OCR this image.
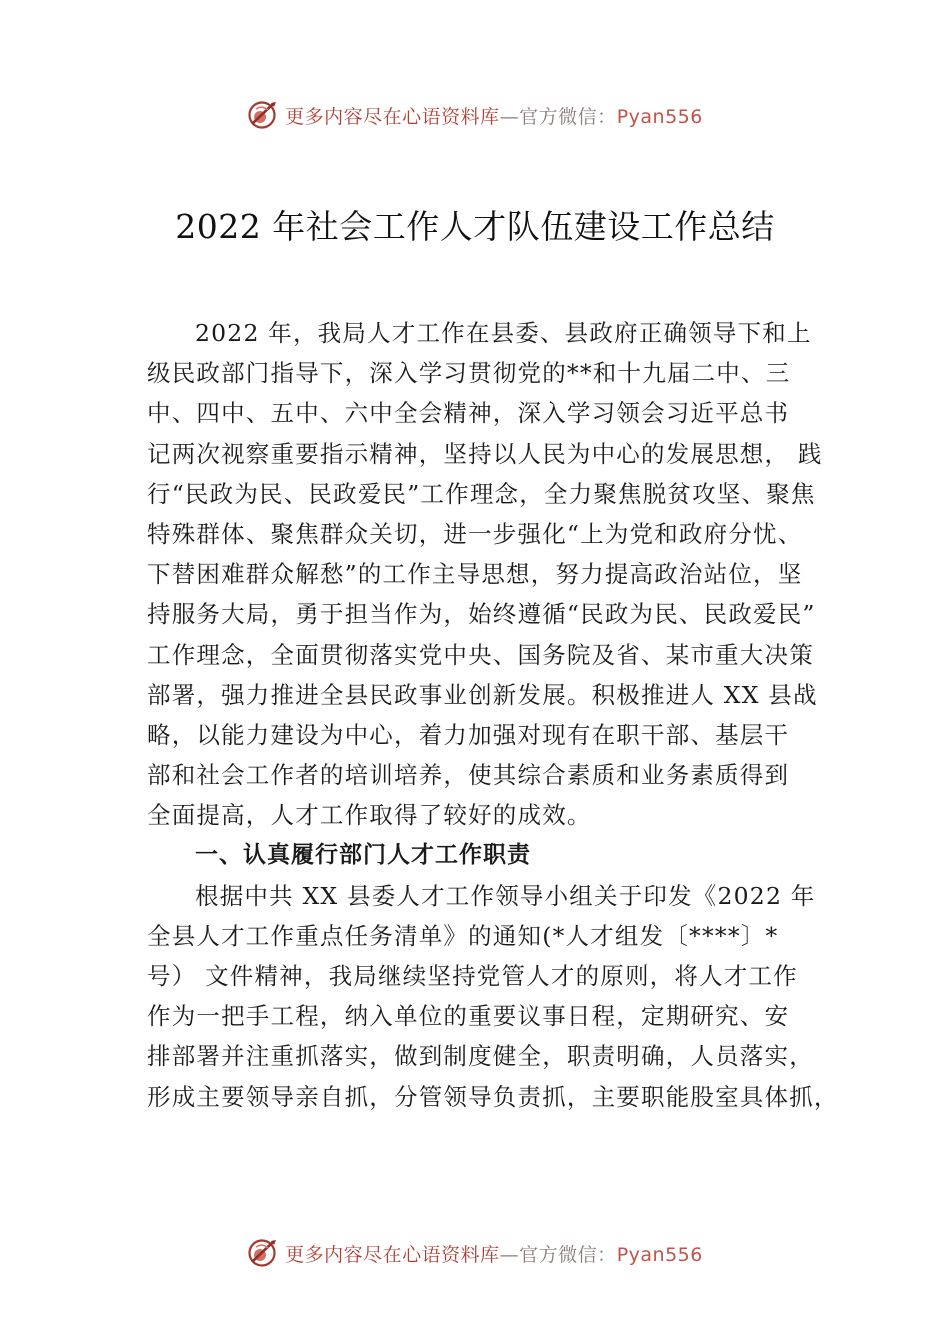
更多内容尽在心语资料库—官方微信：Pyan556
2022 年社会工作人才队伍建设工作总结
2022 年，我局人才工作在县委、县政府正确领导下和上
级民政部门指导下，深入学习贯彻党的**和十九届二中、三
中、四中、五中、六中全会精神，深入学习领会习近平总书
记两次视察重要指示精神，坚持以人民为中心的发展思想， 践
行“民政为民、民政爱民”工作理念，全力聚焦脱贫攻坚、聚焦
特殊群体、聚焦群众关切，进一步强化“上为党和政府分忧、
下替困难群众解愁”的工作主导思想，努力提高政治站位，坚
持服务大局，勇于担当作为，始终遵循“民政为民、民政爱民”
工作理念，全面贯彻落实党中央、国务院及省、某市重大决策
部署，强力推进全县民政事业创新发展。积极推进人 XX 县战
略，以能力建设为中心，着力加强对现有在职干部、基层干
部和社会工作者的培训培养，使其综合素质和业务素质得到
全面提高，人才工作取得了较好的成效。
一、认真履行部门人才工作职责
根据中共 XX 县委人才工作领导小组关于印发《2022 年
全县人才工作重点任务清单》的通知(*人才组发〔****〕*
号） 文件精神，我局继续坚持党管人才的原则，将人才工作
作为一把手工程，纳入单位的重要议事日程，定期研究、安
排部署并注重抓落实，做到制度健全，职责明确，人员落实，
形成主要领导亲自抓，分管领导负责抓，主要职能股室具体抓，
更多内容尽在心语资料库—官方微信：Pyan556
